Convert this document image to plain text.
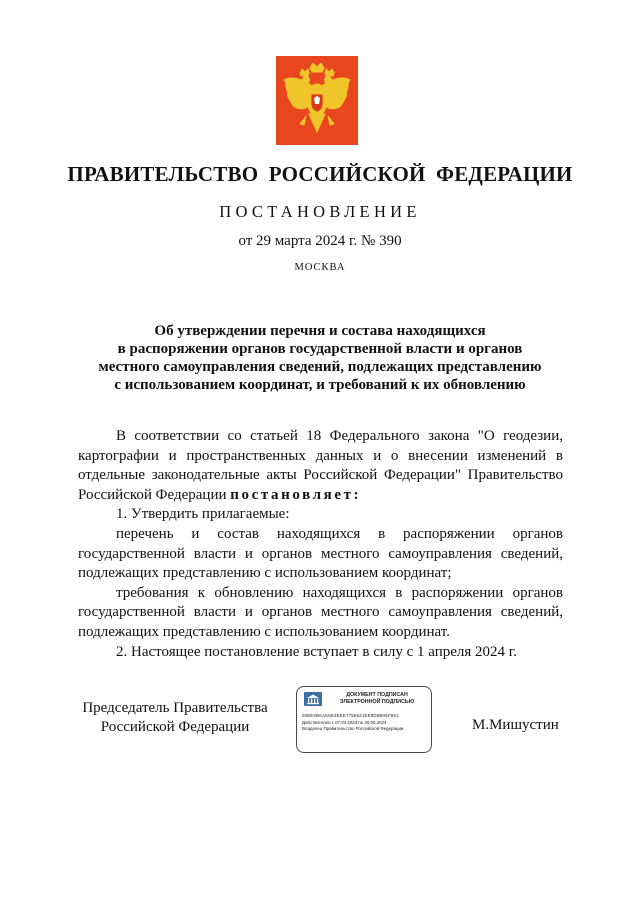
ПРАВИТЕЛЬСТВО РОССИЙСКОЙ ФЕДЕРАЦИИ
ПОСТАНОВЛЕНИЕ
от 29 марта 2024 г. № 390
МОСКВА
Об утверждении перечня и состава находящихся
в распоряжении органов государственной власти и органов
местного самоуправления сведений, подлежащих представлению
с использованием координат, и требований к их обновлению

В соответствии со статьей 18 Федерального закона "О геодезии, картографии и пространственных данных и о внесении изменений в отдельные законодательные акты Российской Федерации" Правительство Российской Федерации постановляет:

1. Утвердить прилагаемые:

перечень и состав находящихся в распоряжении органов государственной власти и органов местного самоуправления сведений, подлежащих представлению с использованием координат;

требования к обновлению находящихся в распоряжении органов государственной власти и органов местного самоуправления сведений, подлежащих представлению с использованием координат.

2. Настоящее постановление вступает в силу с 1 апреля 2024 г.

Председатель Правительства
Российской Федерации
ДОКУМЕНТ ПОДПИСАН
ЭЛЕКТРОННОЙ ПОДПИСЬЮ
00BE6B6AE5E3EEE7756621EE8D6B06F891
Действителен с 07.03.2023 по 30.05.2024
Владелец Правительство Российской Федерации	М.Мишустин
